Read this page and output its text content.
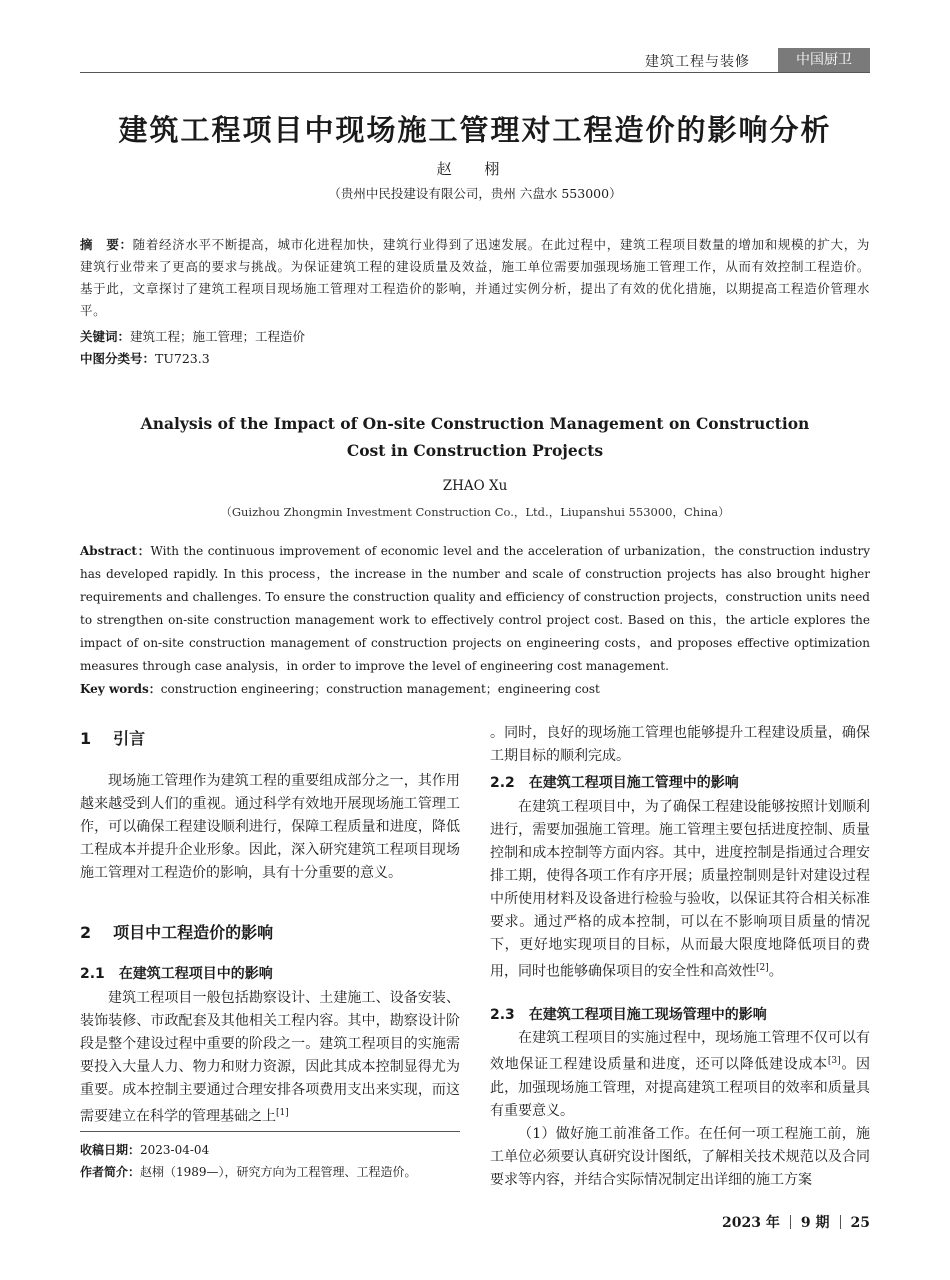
建筑工程与装修	中国厨卫
建筑工程项目中现场施工管理对工程造价的影响分析
赵 栩
（贵州中民投建设有限公司，贵州 六盘水 553000）
摘　要：随着经济水平不断提高，城市化进程加快，建筑行业得到了迅速发展。在此过程中，建筑工程项目数量的增加和规模的扩大，为建筑行业带来了更高的要求与挑战。为保证建筑工程的建设质量及效益，施工单位需要加强现场施工管理工作，从而有效控制工程造价。基于此，文章探讨了建筑工程项目现场施工管理对工程造价的影响，并通过实例分析，提出了有效的优化措施，以期提高工程造价管理水平。
关键词：建筑工程；施工管理；工程造价
中图分类号：TU723.3
Analysis of the Impact of On-site Construction Management on Construction Cost in Construction Projects
ZHAO Xu
（Guizhou Zhongmin Investment Construction Co.，Ltd.，Liupanshui 553000，China）
Abstract：With the continuous improvement of economic level and the acceleration of urbanization，the construction industry has developed rapidly. In this process，the increase in the number and scale of construction projects has also brought higher requirements and challenges. To ensure the construction quality and efficiency of construction projects，construction units need to strengthen on-site construction management work to effectively control project cost. Based on this，the article explores the impact of on-site construction management of construction projects on engineering costs，and proposes effective optimization measures through case analysis，in order to improve the level of engineering cost management.
Key words：construction engineering；construction management；engineering cost
1 引言

现场施工管理作为建筑工程的重要组成部分之一，其作用越来越受到人们的重视。通过科学有效地开展现场施工管理工作，可以确保工程建设顺利进行，保障工程质量和进度，降低工程成本并提升企业形象。因此，深入研究建筑工程项目现场施工管理对工程造价的影响，具有十分重要的意义。

2 项目中工程造价的影响
2.1 在建筑工程项目中的影响

建筑工程项目一般包括勘察设计、土建施工、设备安装、装饰装修、市政配套及其他相关工程内容。其中，勘察设计阶段是整个建设过程中重要的阶段之一。建筑工程项目的实施需要投入大量人力、物力和财力资源，因此其成本控制显得尤为重要。成本控制主要通过合理安排各项费用支出来实现，而这需要建立在科学的管理基础之上[1]

收稿日期：2023-04-04
作者简介：赵栩（1989—），研究方向为工程管理、工程造价。
。同时，良好的现场施工管理也能够提升工程建设质量，确保工期目标的顺利完成。
2.2 在建筑工程项目施工管理中的影响

在建筑工程项目中，为了确保工程建设能够按照计划顺利进行，需要加强施工管理。施工管理主要包括进度控制、质量控制和成本控制等方面内容。其中，进度控制是指通过合理安排工期，使得各项工作有序开展；质量控制则是针对建设过程中所使用材料及设备进行检验与验收，以保证其符合相关标准要求。通过严格的成本控制，可以在不影响项目质量的情况下，更好地实现项目的目标，从而最大限度地降低项目的费用，同时也能够确保项目的安全性和高效性[2]。

2.3 在建筑工程项目施工现场管理中的影响

在建筑工程项目的实施过程中，现场施工管理不仅可以有效地保证工程建设质量和进度，还可以降低建设成本[3]。因此，加强现场施工管理，对提高建筑工程项目的效率和质量具有重要意义。

（1）做好施工前准备工作。在任何一项工程施工前，施工单位必须要认真研究设计图纸，了解相关技术规范以及合同要求等内容，并结合实际情况制定出详细的施工方案

2023 年 9 期 25
